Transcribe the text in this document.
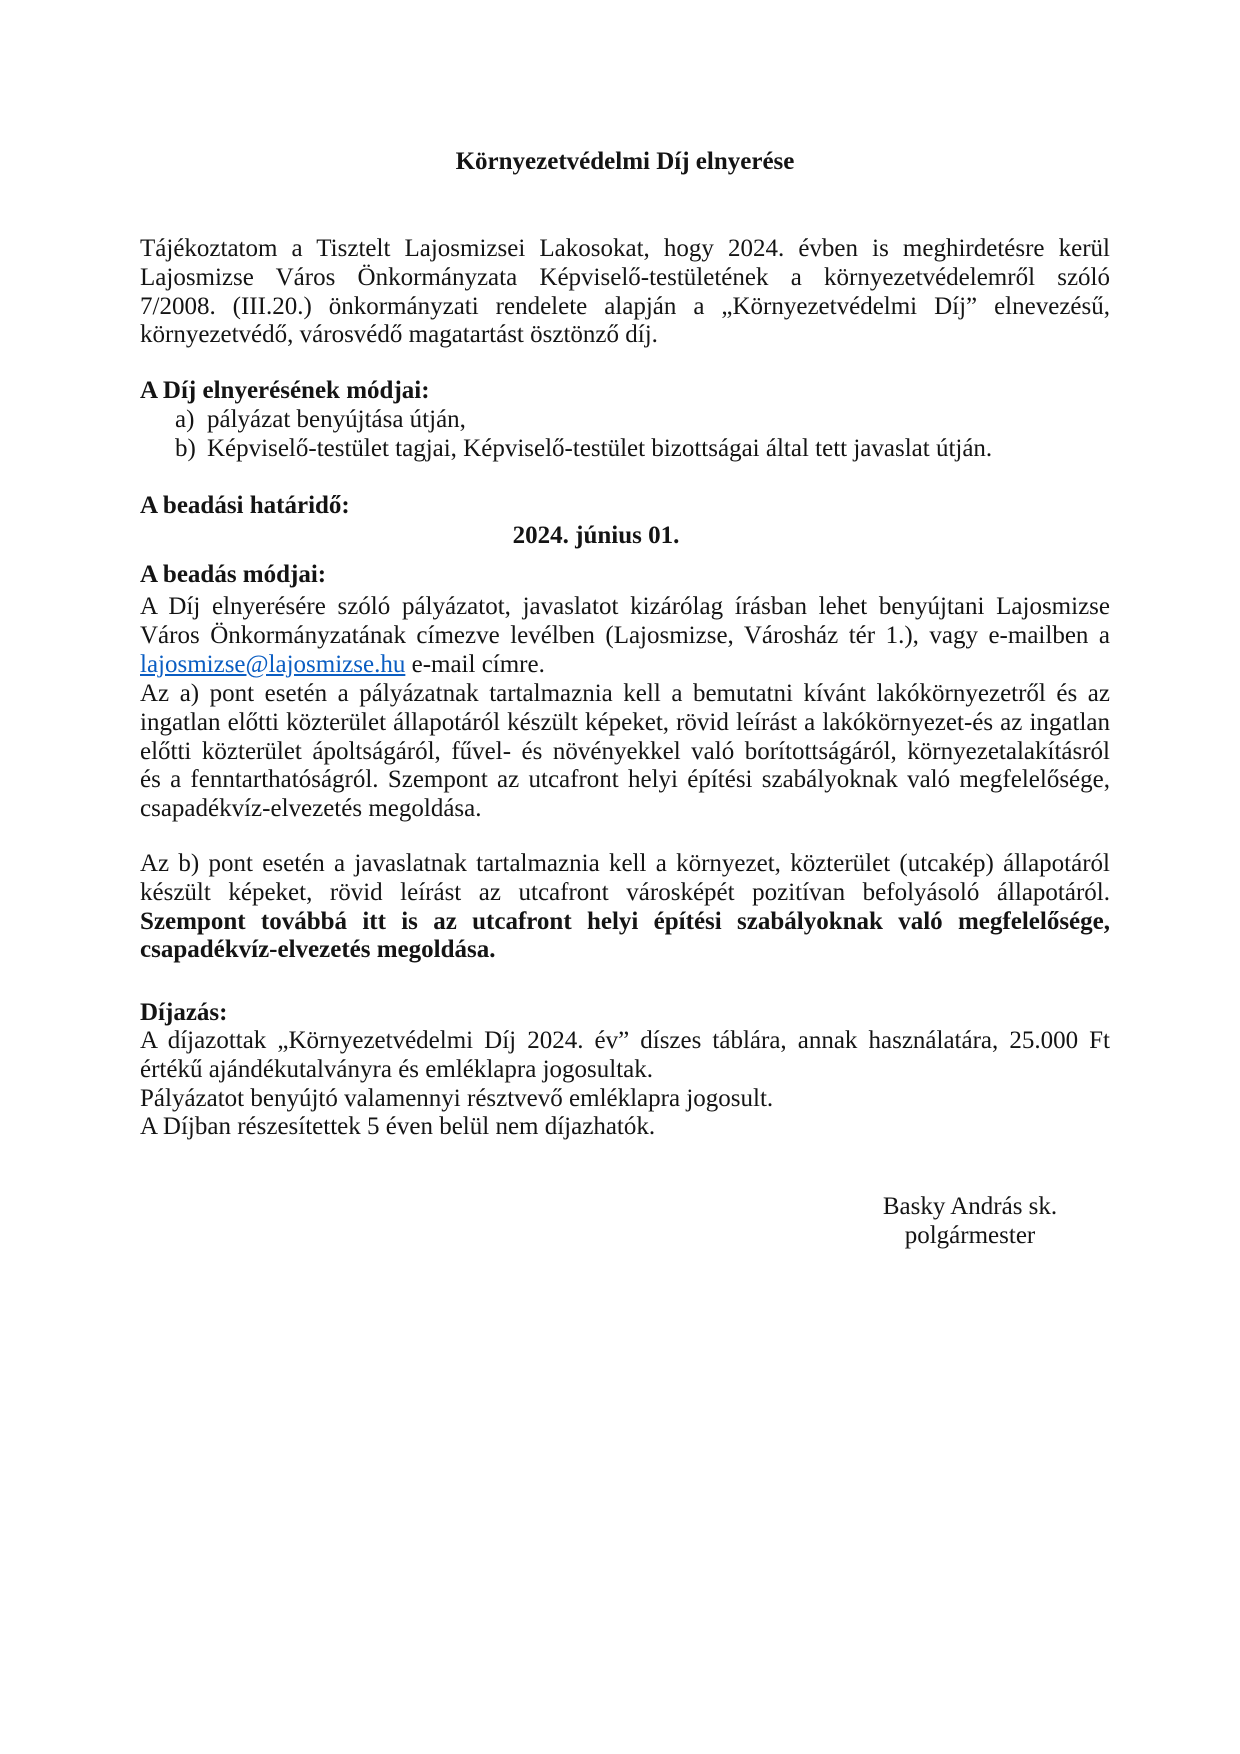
Környezetvédelmi Díj elnyerése
Tájékoztatom a Tisztelt Lajosmizsei Lakosokat, hogy 2024. évben is meghirdetésre kerül
Lajosmizse Város Önkormányzata Képviselő-testületének a környezetvédelemről szóló
7/2008. (III.20.) önkormányzati rendelete alapján a „Környezetvédelmi Díj” elnevezésű,
környezetvédő, városvédő magatartást ösztönző díj.
A Díj elnyerésének módjai:
a) pályázat benyújtása útján,
b) Képviselő-testület tagjai, Képviselő-testület bizottságai által tett javaslat útján.
A beadási határidő:
2024. június 01.
A beadás módjai:
A Díj elnyerésére szóló pályázatot, javaslatot kizárólag írásban lehet benyújtani Lajosmizse
Város Önkormányzatának címezve levélben (Lajosmizse, Városház tér 1.), vagy e-mailben a
lajosmizse@lajosmizse.hu e-mail címre.
Az a) pont esetén a pályázatnak tartalmaznia kell a bemutatni kívánt lakókörnyezetről és az
ingatlan előtti közterület állapotáról készült képeket, rövid leírást a lakókörnyezet-és az ingatlan
előtti közterület ápoltságáról, fűvel- és növényekkel való borítottságáról, környezetalakításról
és a fenntarthatóságról. Szempont az utcafront helyi építési szabályoknak való megfelelősége,
csapadékvíz-elvezetés megoldása.
Az b) pont esetén a javaslatnak tartalmaznia kell a környezet, közterület (utcakép) állapotáról
készült képeket, rövid leírást az utcafront városképét pozitívan befolyásoló állapotáról.
Szempont továbbá itt is az utcafront helyi építési szabályoknak való megfelelősége,
csapadékvíz-elvezetés megoldása.
Díjazás:
A díjazottak „Környezetvédelmi Díj 2024. év” díszes táblára, annak használatára, 25.000 Ft
értékű ajándékutalványra és emléklapra jogosultak.
Pályázatot benyújtó valamennyi résztvevő emléklapra jogosult.
A Díjban részesítettek 5 éven belül nem díjazhatók.
Basky András sk.
polgármester
